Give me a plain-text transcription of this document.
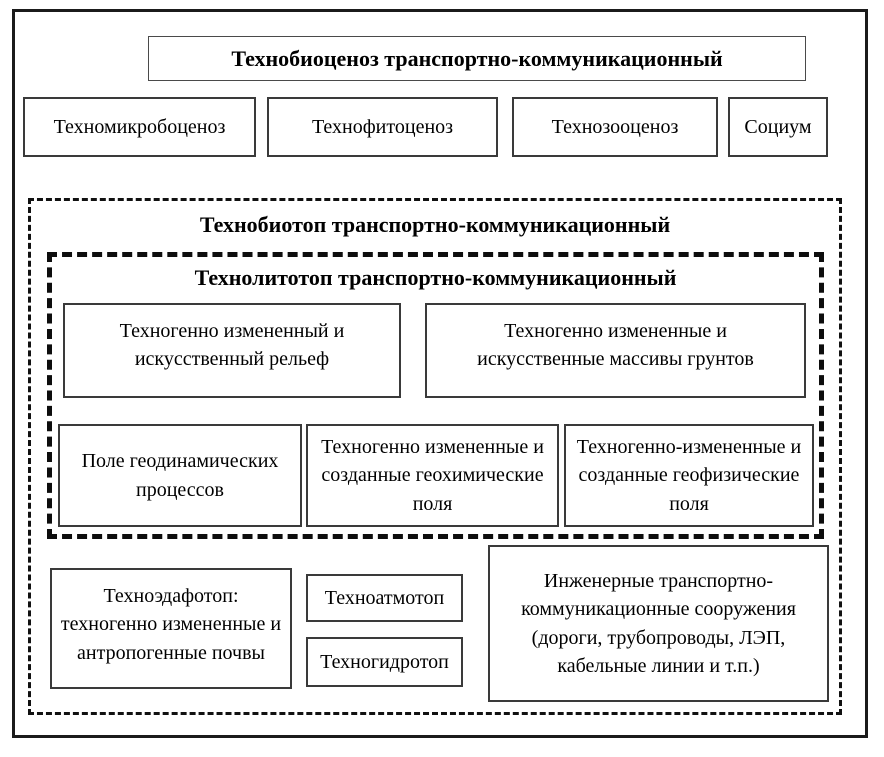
Технобиоценоз транспортно-коммуникационный
Техномикробоценоз	Технофитоценоз	Технозооценоз	Социум
Технобиотоп транспортно-коммуникационный
Технолитотоп транспортно-коммуникационный
Техногенно измененный и искусственный рельеф
Техногенно измененные и искусственные массивы грунтов
Поле геодинамических процессов
Техногенно измененные и созданные геохимические поля
Техногенно-измененные и созданные геофизические поля
Техноэдафотоп: техногенно измененные и антропогенные почвы
Техноатмотоп
Техногидротоп
Инженерные транспортно-коммуникационные сооружения (дороги, трубопроводы, ЛЭП, кабельные линии и т.п.)
